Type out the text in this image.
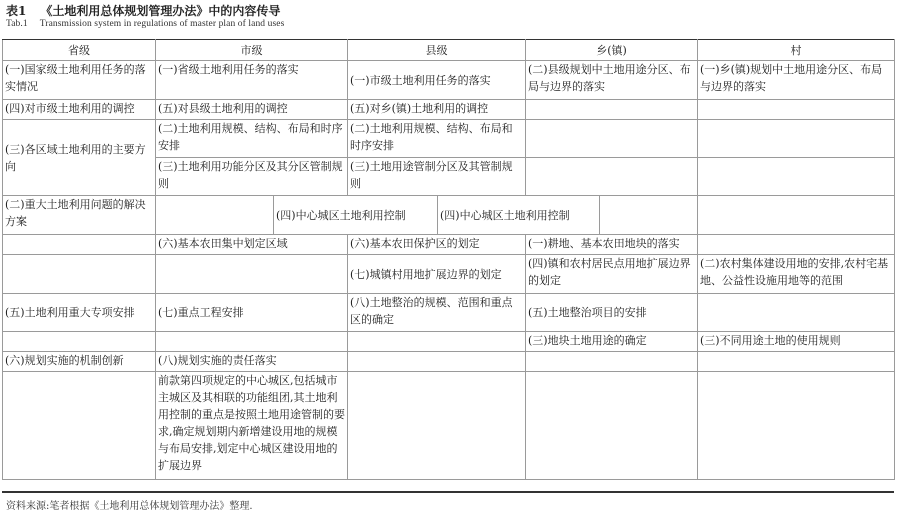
表1 《土地利用总体规划管理办法》中的内容传导
Tab.1 Transmission system in regulations of master plan of land uses
省级	市级		县级		乡(镇)		村
(一)国家级土地利用任务的落实情况	(一)省级土地利用任务的落实		(一)市级土地利用任务的落实		(二)县级规划中土地用途分区、布局与边界的落实		(一)乡(镇)规划中土地用途分区、布局与边界的落实
(四)对市级土地利用的调控	(五)对县级土地利用的调控		(五)对乡(镇)土地利用的调控				
(三)各区域土地利用的主要方向	(二)土地利用规模、结构、布局和时序安排		(二)土地利用规模、结构、布局和时序安排				
	(三)土地利用功能分区及其分区管制规则		(三)土地用途管制分区及其管制规则				
(二)重大土地利用问题的解决方案		(四)中心城区土地利用控制		(四)中心城区土地利用控制			
	(六)基本农田集中划定区域		(六)基本农田保护区的划定		(一)耕地、基本农田地块的落实		
			(七)城镇村用地扩展边界的划定		(四)镇和农村居民点用地扩展边界的划定		(二)农村集体建设用地的安排,农村宅基地、公益性设施用地等的范围
(五)土地利用重大专项安排	(七)重点工程安排		(八)土地整治的规模、范围和重点区的确定		(五)土地整治项目的安排		
					(三)地块土地用途的确定		(三)不同用途土地的使用规则
(六)规划实施的机制创新	(八)规划实施的责任落实						
	前款第四项规定的中心城区,包括城市主城区及其相联的功能组团,其土地利用控制的重点是按照土地用途管制的要求,确定规划期内新增建设用地的规模与布局安排,划定中心城区建设用地的扩展边界						
资料来源:笔者根据《土地利用总体规划管理办法》整理.
